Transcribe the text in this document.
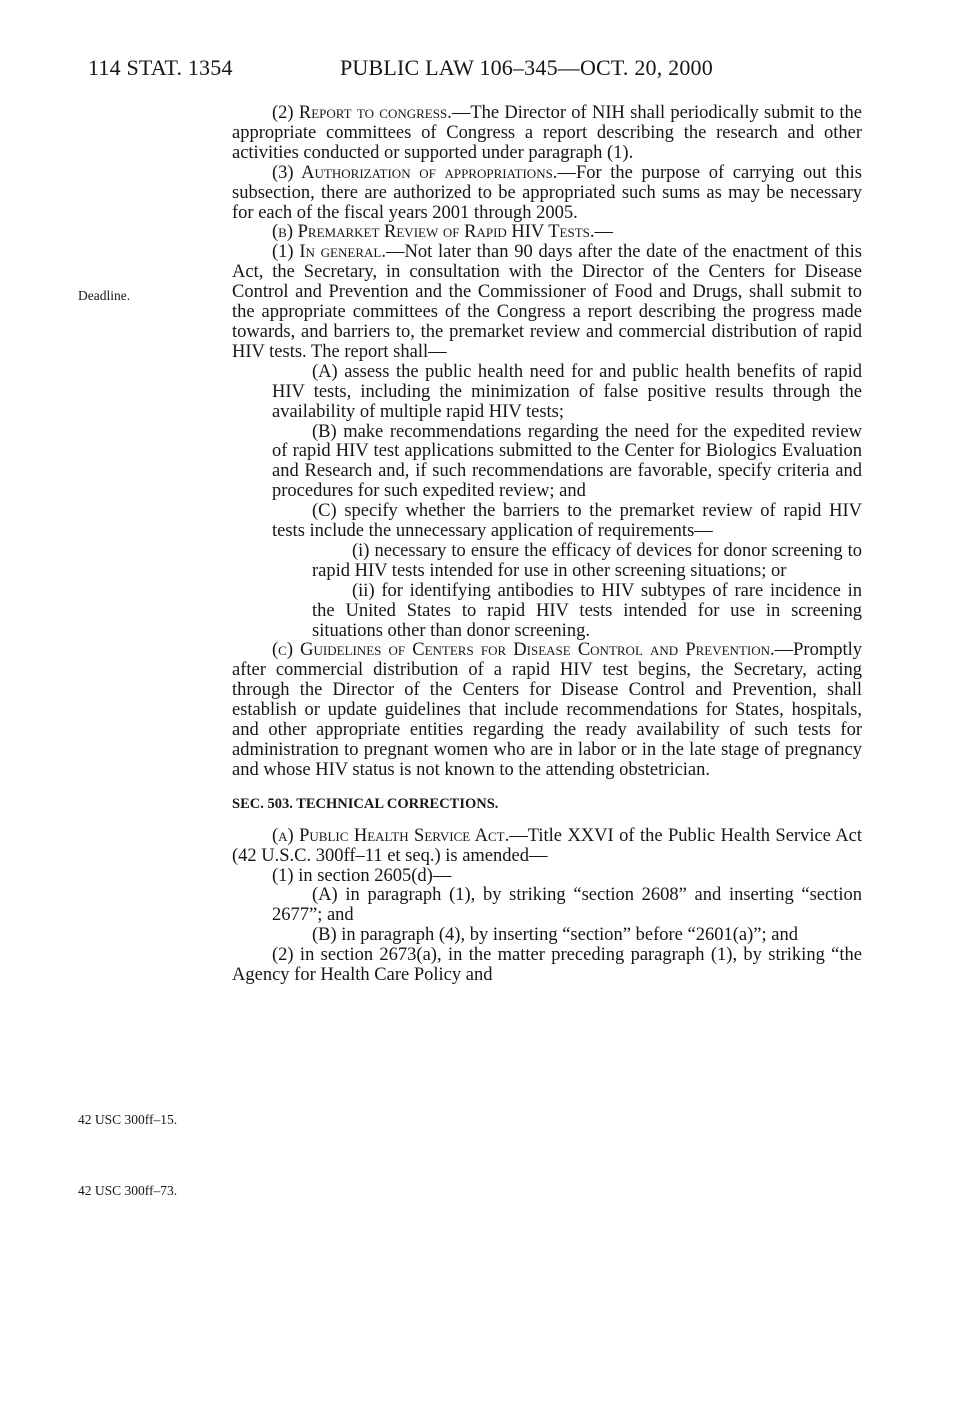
114 STAT. 1354	PUBLIC LAW 106–345—OCT. 20, 2000
Deadline.
42 USC 300ff–15.
42 USC 300ff–73.

(2) Report to congress.—The Director of NIH shall periodically submit to the appropriate committees of Congress a report describing the research and other activities conducted or supported under paragraph (1).

(3) Authorization of appropriations.—For the purpose of carrying out this subsection, there are authorized to be appropriated such sums as may be necessary for each of the fiscal years 2001 through 2005.

(b) Premarket Review of Rapid HIV Tests.—

(1) In general.—Not later than 90 days after the date of the enactment of this Act, the Secretary, in consultation with the Director of the Centers for Disease Control and Prevention and the Commissioner of Food and Drugs, shall submit to the appropriate committees of the Congress a report describing the progress made towards, and barriers to, the premarket review and commercial distribution of rapid HIV tests. The report shall—

(A) assess the public health need for and public health benefits of rapid HIV tests, including the minimization of false positive results through the availability of multiple rapid HIV tests;

(B) make recommendations regarding the need for the expedited review of rapid HIV test applications submitted to the Center for Biologics Evaluation and Research and, if such recommendations are favorable, specify criteria and procedures for such expedited review; and

(C) specify whether the barriers to the premarket review of rapid HIV tests include the unnecessary application of requirements—

(i) necessary to ensure the efficacy of devices for donor screening to rapid HIV tests intended for use in other screening situations; or

(ii) for identifying antibodies to HIV subtypes of rare incidence in the United States to rapid HIV tests intended for use in screening situations other than donor screening.

(c) Guidelines of Centers for Disease Control and Prevention.—Promptly after commercial distribution of a rapid HIV test begins, the Secretary, acting through the Director of the Centers for Disease Control and Prevention, shall establish or update guidelines that include recommendations for States, hospitals, and other appropriate entities regarding the ready availability of such tests for administration to pregnant women who are in labor or in the late stage of pregnancy and whose HIV status is not known to the attending obstetrician.

SEC. 503. TECHNICAL CORRECTIONS.

(a) Public Health Service Act.—Title XXVI of the Public Health Service Act (42 U.S.C. 300ff–11 et seq.) is amended—

(1) in section 2605(d)—

(A) in paragraph (1), by striking “section 2608” and inserting “section 2677”; and

(B) in paragraph (4), by inserting “section” before “2601(a)”; and

(2) in section 2673(a), in the matter preceding paragraph (1), by striking “the Agency for Health Care Policy and
